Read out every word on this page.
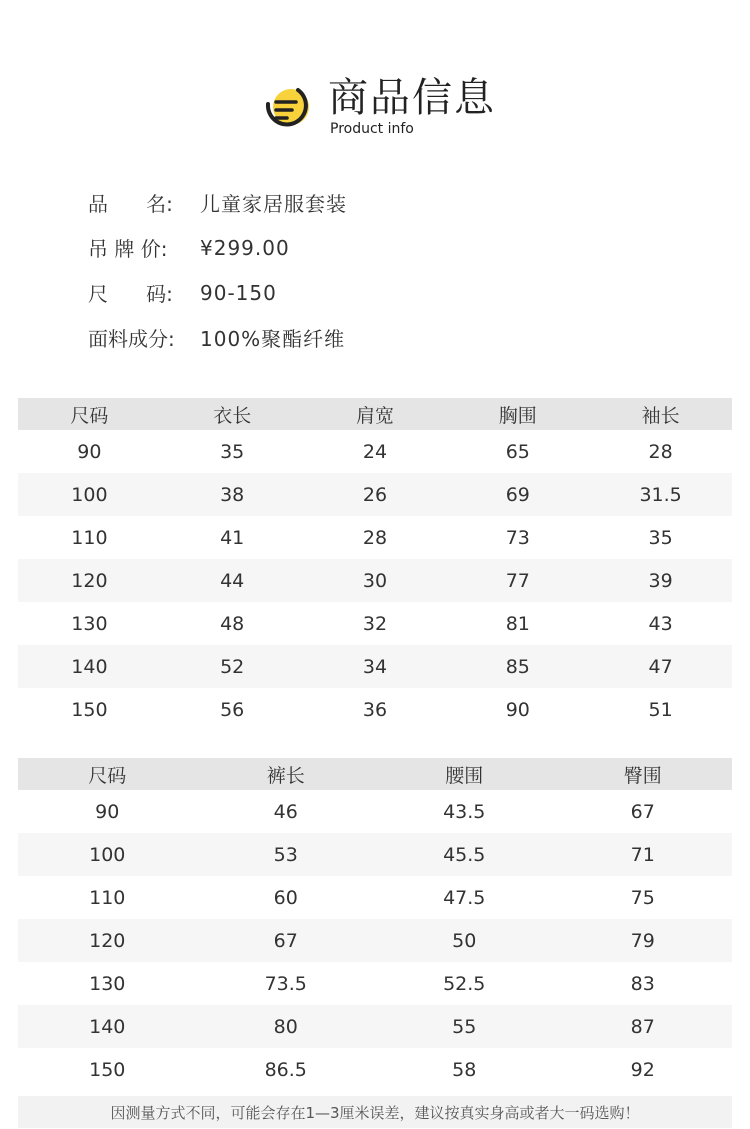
商品信息
Product info
品      名:	儿童家居服套装
吊 牌 价:	¥299.00
尺      码:	90-150
面料成分:	100%聚酯纤维
尺码	衣长	肩宽	胸围	袖长
90	35	24	65	28
100	38	26	69	31.5
110	41	28	73	35
120	44	30	77	39
130	48	32	81	43
140	52	34	85	47
150	56	36	90	51
尺码	裤长	腰围	臀围
90	46	43.5	67
100	53	45.5	71
110	60	47.5	75
120	67	50	79
130	73.5	52.5	83
140	80	55	87
150	86.5	58	92
因测量方式不同，可能会存在1—3厘米误差，建议按真实身高或者大一码选购！
